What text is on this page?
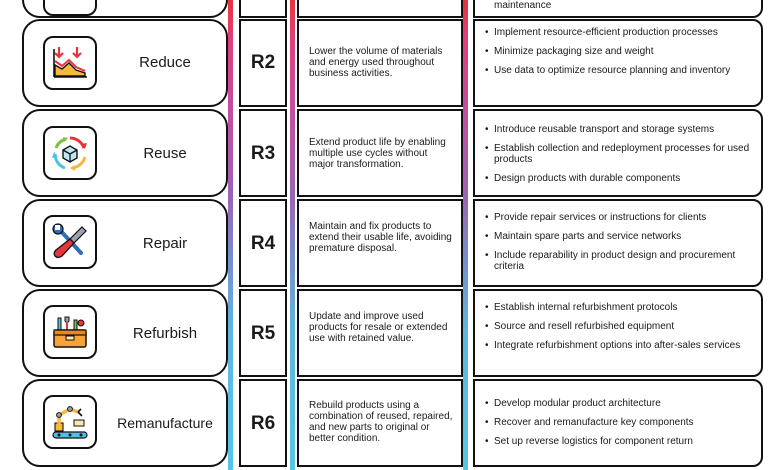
maintenance
Reduce	R2
Lower the volume of materials and energy used throughout business activities.
• Implement resource-efficient production processes
• Minimize packaging size and weight
• Use data to optimize resource planning and inventory
Reuse	R3
Extend product life by enabling multiple use cycles without major transformation.
• Introduce reusable transport and storage systems
• Establish collection and redeployment processes for used products
• Design products with durable components
Repair	R4
Maintain and fix products to extend their usable life, avoiding premature disposal.
• Provide repair services or instructions for clients
• Maintain spare parts and service networks
• Include reparability in product design and procurement criteria
Refurbish	R5
Update and improve used products for resale or extended use with retained value.
• Establish internal refurbishment protocols
• Source and resell refurbished equipment
• Integrate refurbishment options into after-sales services
Remanufacture	R6
Rebuild products using a combination of reused, repaired, and new parts to original or better condition.
• Develop modular product architecture
• Recover and remanufacture key components
• Set up reverse logistics for component return
